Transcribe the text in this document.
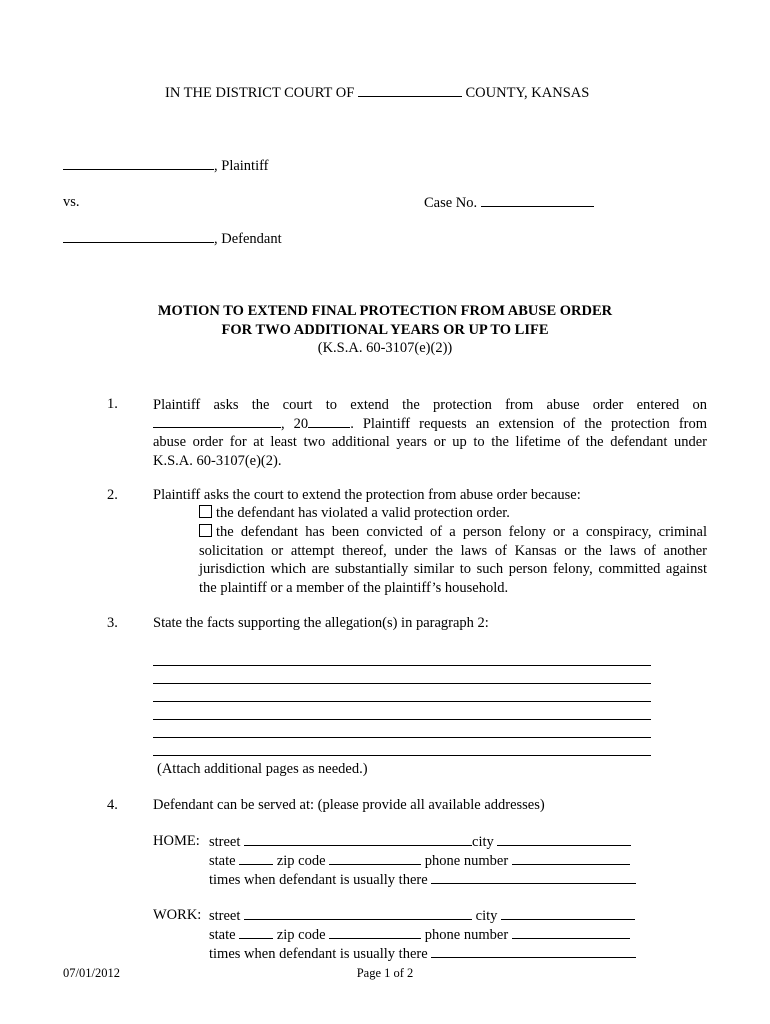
IN THE DISTRICT COURT OF	COUNTY, KANSAS
, Plaintiff
vs.	Case No.
, Defendant
MOTION TO EXTEND FINAL PROTECTION FROM ABUSE ORDER
FOR TWO ADDITIONAL YEARS OR UP TO LIFE
(K.S.A. 60-3107(e)(2))
1. Plaintiff asks the court to extend the protection from abuse order entered on
, 20	. Plaintiff requests an extension of the protection from
abuse order for at least two additional years or up to the lifetime of the defendant under
K.S.A. 60-3107(e)(2).
2. Plaintiff asks the court to extend the protection from abuse order because:
the defendant has violated a valid protection order.
the defendant has been convicted of a person felony or a conspiracy, criminal solicitation or attempt thereof, under the laws of Kansas or the laws of another jurisdiction which are substantially similar to such person felony, committed against the plaintiff or a member of the plaintiff’s household.
3. State the facts supporting the allegation(s) in paragraph 2:
(Attach additional pages as needed.)
4. Defendant can be served at: (please provide all available addresses)
HOME: street	city
state	zip code	phone number
times when defendant is usually there
WORK: street	city
state	zip code	phone number
times when defendant is usually there
07/01/2012	Page 1 of 2
